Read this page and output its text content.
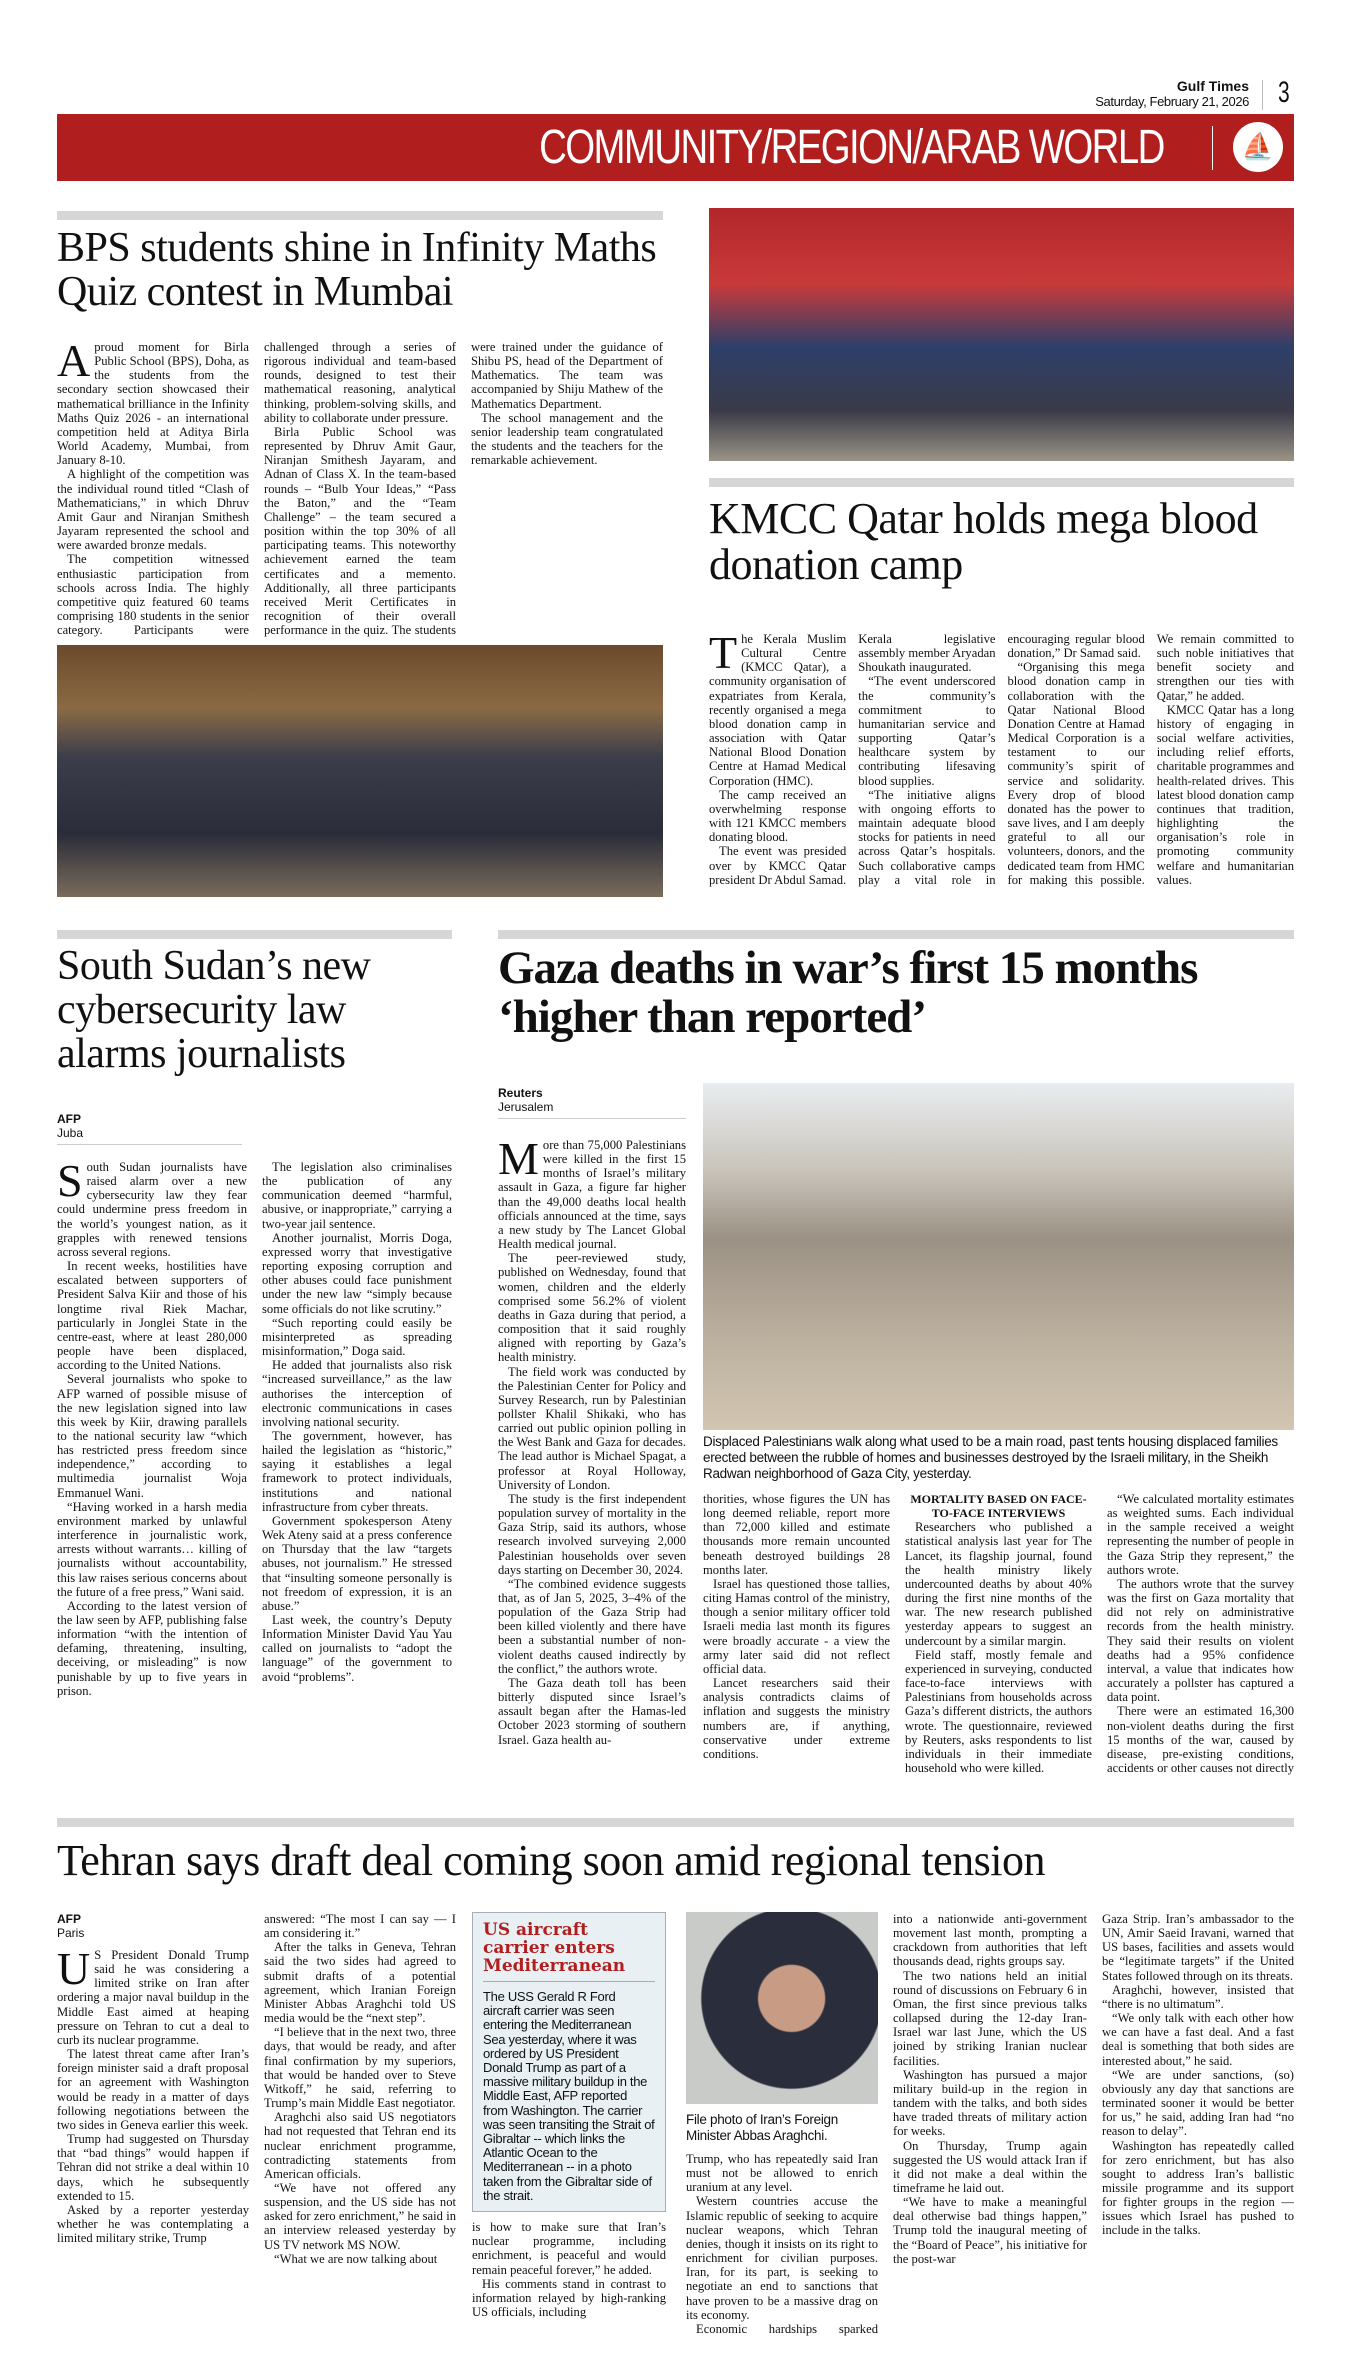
Gulf Times
Saturday, February 21, 2026 3
COMMUNITY/REGION/ARAB WORLD	⛵
BPS students shine in Infinity Maths Quiz contest in Mumbai

Aproud moment for Birla Public School (BPS), Doha, as the students from the secondary section showcased their mathematical brilliance in the Infinity Maths Quiz 2026 - an international competition held at Aditya Birla World Academy, Mumbai, from January 8-10.

A highlight of the competition was the individual round titled “Clash of Mathematicians,” in which Dhruv Amit Gaur and Niranjan Smithesh Jayaram represented the school and were awarded bronze medals.

The competition witnessed enthusiastic participation from schools across India. The highly competitive quiz featured 60 teams comprising 180 students in the senior category. Participants were challenged through a series of rigorous individual and team-based rounds, designed to test their mathematical reasoning, analytical thinking, problem-solving skills, and ability to collaborate under pressure.

Birla Public School was represented by Dhruv Amit Gaur, Niranjan Smithesh Jayaram, and Adnan of Class X. In the team-based rounds – “Bulb Your Ideas,” “Pass the Baton,” and the “Team Challenge” – the team secured a position within the top 30% of all participating teams. This noteworthy achievement earned the team certificates and a memento. Additionally, all three participants received Merit Certificates in recognition of their overall performance in the quiz. The students were trained under the guidance of Shibu PS, head of the Department of Mathematics. The team was accompanied by Shiju Mathew of the Mathematics Department.

The school management and the senior leadership team congratulated the students and the teachers for the remarkable achievement.

KMCC Qatar holds mega blood donation camp

The Kerala Muslim Cultural Centre (KMCC Qatar), a community organisation of expatriates from Kerala, recently organised a mega blood donation camp in association with Qatar National Blood Donation Centre at Hamad Medical Corporation (HMC).

The camp received an overwhelming response with 121 KMCC members donating blood.

The event was presided over by KMCC Qatar president Dr Abdul Samad. Kerala legislative assembly member Aryadan Shoukath inaugurated.

“The event underscored the community’s commitment to humanitarian service and supporting Qatar’s healthcare system by contributing lifesaving blood supplies.

“The initiative aligns with ongoing efforts to maintain adequate blood stocks for patients in need across Qatar’s hospitals. Such collaborative camps play a vital role in encouraging regular blood donation,” Dr Samad said.

“Organising this mega blood donation camp in collaboration with the Qatar National Blood Donation Centre at Hamad Medical Corporation is a testament to our community’s spirit of service and solidarity. Every drop of blood donated has the power to save lives, and I am deeply grateful to all our volunteers, donors, and the dedicated team from HMC for making this possible. We remain committed to such noble initiatives that benefit society and strengthen our ties with Qatar,” he added.

KMCC Qatar has a long history of engaging in social welfare activities, including relief efforts, charitable programmes and health-related drives. This latest blood donation camp continues that tradition, highlighting the organisation’s role in promoting community welfare and humanitarian values.

South Sudan’s new cybersecurity law alarms journalists
AFP
Juba

South Sudan journalists have raised alarm over a new cybersecurity law they fear could undermine press freedom in the world’s youngest nation, as it grapples with renewed tensions across several regions.

In recent weeks, hostilities have escalated between supporters of President Salva Kiir and those of his longtime rival Riek Machar, particularly in Jonglei State in the centre-east, where at least 280,000 people have been displaced, according to the United Nations.

Several journalists who spoke to AFP warned of possible misuse of the new legislation signed into law this week by Kiir, drawing parallels to the national security law “which has restricted press freedom since independence,” according to multimedia journalist Woja Emmanuel Wani.

“Having worked in a harsh media environment marked by unlawful interference in journalistic work, arrests without warrants… killing of journalists without accountability, this law raises serious concerns about the future of a free press,” Wani said.

According to the latest version of the law seen by AFP, publishing false information “with the intention of defaming, threatening, insulting, deceiving, or misleading” is now punishable by up to five years in prison.

The legislation also criminalises the publication of any communication deemed “harmful, abusive, or inappropriate,” carrying a two-year jail sentence.

Another journalist, Morris Doga, expressed worry that investigative reporting exposing corruption and other abuses could face punishment under the new law “simply because some officials do not like scrutiny.”

“Such reporting could easily be misinterpreted as spreading misinformation,” Doga said.

He added that journalists also risk “increased surveillance,” as the law authorises the interception of electronic communications in cases involving national security.

The government, however, has hailed the legislation as “historic,” saying it establishes a legal framework to protect individuals, institutions and national infrastructure from cyber threats.

Government spokesperson Ateny Wek Ateny said at a press conference on Thursday that the law “targets abuses, not journalism.” He stressed that “insulting someone personally is not freedom of expression, it is an abuse.”

Last week, the country’s Deputy Information Minister David Yau Yau called on journalists to “adopt the language” of the government to avoid “problems”.

Gaza deaths in war’s first 15 months ‘higher than reported’
Reuters
Jerusalem

More than 75,000 Palestinians were killed in the first 15 months of Israel’s military assault in Gaza, a figure far higher than the 49,000 deaths local health officials announced at the time, says a new study by The Lancet Global Health medical journal.

The peer-reviewed study, published on Wednesday, found that women, children and the elderly comprised some 56.2% of violent deaths in Gaza during that period, a composition that it said roughly aligned with reporting by Gaza’s health ministry.

The field work was conducted by the Palestinian Center for Policy and Survey Research, run by Palestinian pollster Khalil Shikaki, who has carried out public opinion polling in the West Bank and Gaza for decades. The lead author is Michael Spagat, a professor at Royal Holloway, University of London.

The study is the first independent population survey of mortality in the Gaza Strip, said its authors, whose research involved surveying 2,000 Palestinian households over seven days starting on December 30, 2024.

“The combined evidence suggests that, as of Jan 5, 2025, 3–4% of the population of the Gaza Strip had been killed violently and there have been a substantial number of non-violent deaths caused indirectly by the conflict,” the authors wrote.

The Gaza death toll has been bitterly disputed since Israel’s assault began after the Hamas-led October 2023 storming of southern Israel. Gaza health au-

Displaced Palestinians walk along what used to be a main road, past tents housing displaced families erected between the rubble of homes and businesses destroyed by the Israeli military, in the Sheikh Radwan neighborhood of Gaza City, yesterday.

thorities, whose figures the UN has long deemed reliable, report more than 72,000 killed and estimate thousands more remain uncounted beneath destroyed buildings 28 months later.

Israel has questioned those tallies, citing Hamas control of the ministry, though a senior military officer told Israeli media last month its figures were broadly accurate - a view the army later said did not reflect official data.

Lancet researchers said their analysis contradicts claims of inflation and suggests the ministry numbers are, if anything, conservative under extreme conditions.

MORTALITY BASED ON FACE-TO-FACE INTERVIEWS

Researchers who published a statistical analysis last year for The Lancet, its flagship journal, found the health ministry likely undercounted deaths by about 40% during the first nine months of the war. The new research published yesterday appears to suggest an undercount by a similar margin.

Field staff, mostly female and experienced in surveying, conducted face-to-face interviews with Palestinians from households across Gaza’s different districts, the authors wrote. The questionnaire, reviewed by Reuters, asks respondents to list individuals in their immediate household who were killed.

“We calculated mortality estimates as weighted sums. Each individual in the sample received a weight representing the number of people in the Gaza Strip they represent,” the authors wrote.

The authors wrote that the survey was the first on Gaza mortality that did not rely on administrative records from the health ministry. They said their results on violent deaths had a 95% confidence interval, a value that indicates how accurately a pollster has captured a data point.

There were an estimated 16,300 non-violent deaths during the first 15 months of the war, caused by disease, pre-existing conditions, accidents or other causes not directly

Tehran says draft deal coming soon amid regional tension
AFP
Paris

US President Donald Trump said he was considering a limited strike on Iran after ordering a major naval buildup in the Middle East aimed at heaping pressure on Tehran to cut a deal to curb its nuclear programme.

The latest threat came after Iran’s foreign minister said a draft proposal for an agreement with Washington would be ready in a matter of days following negotiations between the two sides in Geneva earlier this week.

Trump had suggested on Thursday that “bad things” would happen if Tehran did not strike a deal within 10 days, which he subsequently extended to 15.

Asked by a reporter yesterday whether he was contemplating a limited military strike, Trump

answered: “The most I can say — I am considering it.”

After the talks in Geneva, Tehran said the two sides had agreed to submit drafts of a potential agreement, which Iranian Foreign Minister Abbas Araghchi told US media would be the “next step”.

“I believe that in the next two, three days, that would be ready, and after final confirmation by my superiors, that would be handed over to Steve Witkoff,” he said, referring to Trump’s main Middle East negotiator.

Araghchi also said US negotiators had not requested that Tehran end its nuclear enrichment programme, contradicting statements from American officials.

“We have not offered any suspension, and the US side has not asked for zero enrichment,” he said in an interview released yesterday by US TV network MS NOW.

“What we are now talking about

US aircraft carrier enters Mediterranean

The USS Gerald R Ford aircraft carrier was seen entering the Mediterranean Sea yesterday, where it was ordered by US President Donald Trump as part of a massive military buildup in the Middle East, AFP reported from Washington. The carrier was seen transiting the Strait of Gibraltar -- which links the Atlantic Ocean to the Mediterranean -- in a photo taken from the Gibraltar side of the strait.

is how to make sure that Iran’s nuclear programme, including enrichment, is peaceful and would remain peaceful forever,” he added.

His comments stand in contrast to information relayed by high-ranking US officials, including

File photo of Iran’s Foreign Minister Abbas Araghchi.

Trump, who has repeatedly said Iran must not be allowed to enrich uranium at any level.

Western countries accuse the Islamic republic of seeking to acquire nuclear weapons, which Tehran denies, though it insists on its right to enrichment for civilian purposes. Iran, for its part, is seeking to negotiate an end to sanctions that have proven to be a massive drag on its economy.

Economic hardships sparked

into a nationwide anti-government movement last month, prompting a crackdown from authorities that left thousands dead, rights groups say.

The two nations held an initial round of discussions on February 6 in Oman, the first since previous talks collapsed during the 12-day Iran-Israel war last June, which the US joined by striking Iranian nuclear facilities.

Washington has pursued a major military build-up in the region in tandem with the talks, and both sides have traded threats of military action for weeks.

On Thursday, Trump again suggested the US would attack Iran if it did not make a deal within the timeframe he laid out.

“We have to make a meaningful deal otherwise bad things happen,” Trump told the inaugural meeting of the “Board of Peace”, his initiative for the post-war

Gaza Strip. Iran’s ambassador to the UN, Amir Saeid Iravani, warned that US bases, facilities and assets would be “legitimate targets” if the United States followed through on its threats.

Araghchi, however, insisted that “there is no ultimatum”.

“We only talk with each other how we can have a fast deal. And a fast deal is something that both sides are interested about,” he said.

“We are under sanctions, (so) obviously any day that sanctions are terminated sooner it would be better for us,” he said, adding Iran had “no reason to delay”.

Washington has repeatedly called for zero enrichment, but has also sought to address Iran’s ballistic missile programme and its support for fighter groups in the region — issues which Israel has pushed to include in the talks.
